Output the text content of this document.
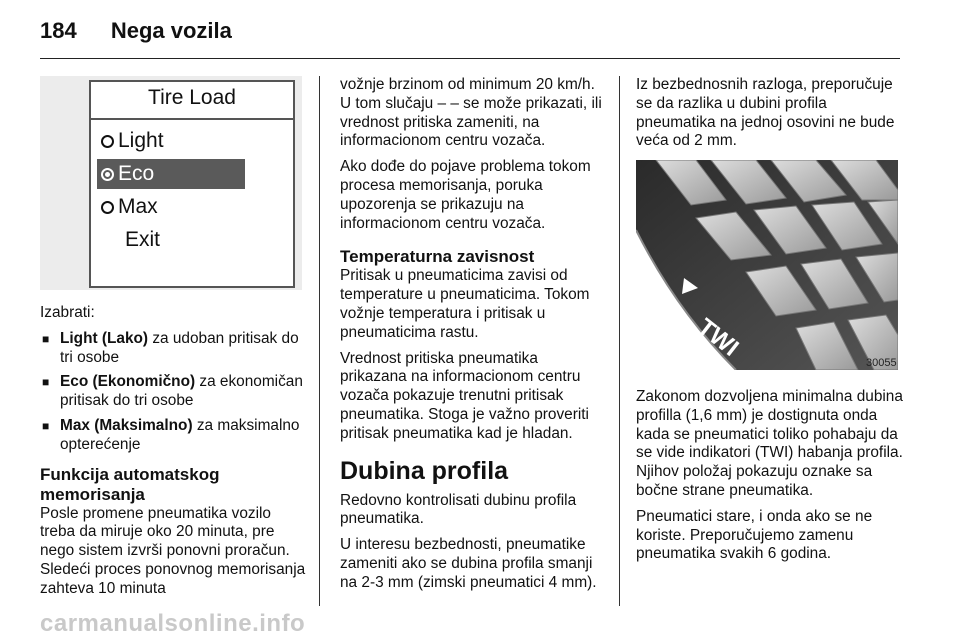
184 Nega vozila
Tire Load
Light
Eco
Max
Exit

Izabrati:

■ Light (Lako) za udoban pritisak do tri osobe
■ Eco (Ekonomično) za ekonomičan pritisak do tri osobe
■ Max (Maksimalno) za maksimalno opterećenje
Funkcija automatskog memorisanja

Posle promene pneumatika vozilo treba da miruje oko 20 minuta, pre nego sistem izvrši ponovni proračun. Sledeći proces ponovnog memorisanja zahteva 10 minuta

vožnje brzinom od minimum 20 km/h. U tom slučaju – – se može prikazati, ili vrednost pritiska zameniti, na informacionom centru vozača.

Ako dođe do pojave problema tokom procesa memorisanja, poruka upozorenja se prikazuju na informacionom centru vozača.

Temperaturna zavisnost

Pritisak u pneumaticima zavisi od temperature u pneumaticima. Tokom vožnje temperatura i pritisak u pneumaticima rastu.

Vrednost pritiska pneumatika prikazana na informacionom centru vozača pokazuje trenutni pritisak pneumatika. Stoga je važno proveriti pritisak pneumatika kad je hladan.

Dubina profila

Redovno kontrolisati dubinu profila pneumatika.

U interesu bezbednosti, pneumatike zameniti ako se dubina profila smanji na 2-3 mm (zimski pneumatici 4 mm).

Iz bezbednosnih razloga, preporučuje se da razlika u dubini profila pneumatika na jednoj osovini ne bude veća od 2 mm.

TWI
30055

Zakonom dozvoljena minimalna dubina profilla (1,6 mm) je dostignuta onda kada se pneumatici toliko pohabaju da se vide indikatori (TWI) habanja profila. Njihov položaj pokazuju oznake sa bočne strane pneumatika.

Pneumatici stare, i onda ako se ne koriste. Preporučujemo zamenu pneumatika svakih 6 godina.

carmanualsonline.info
